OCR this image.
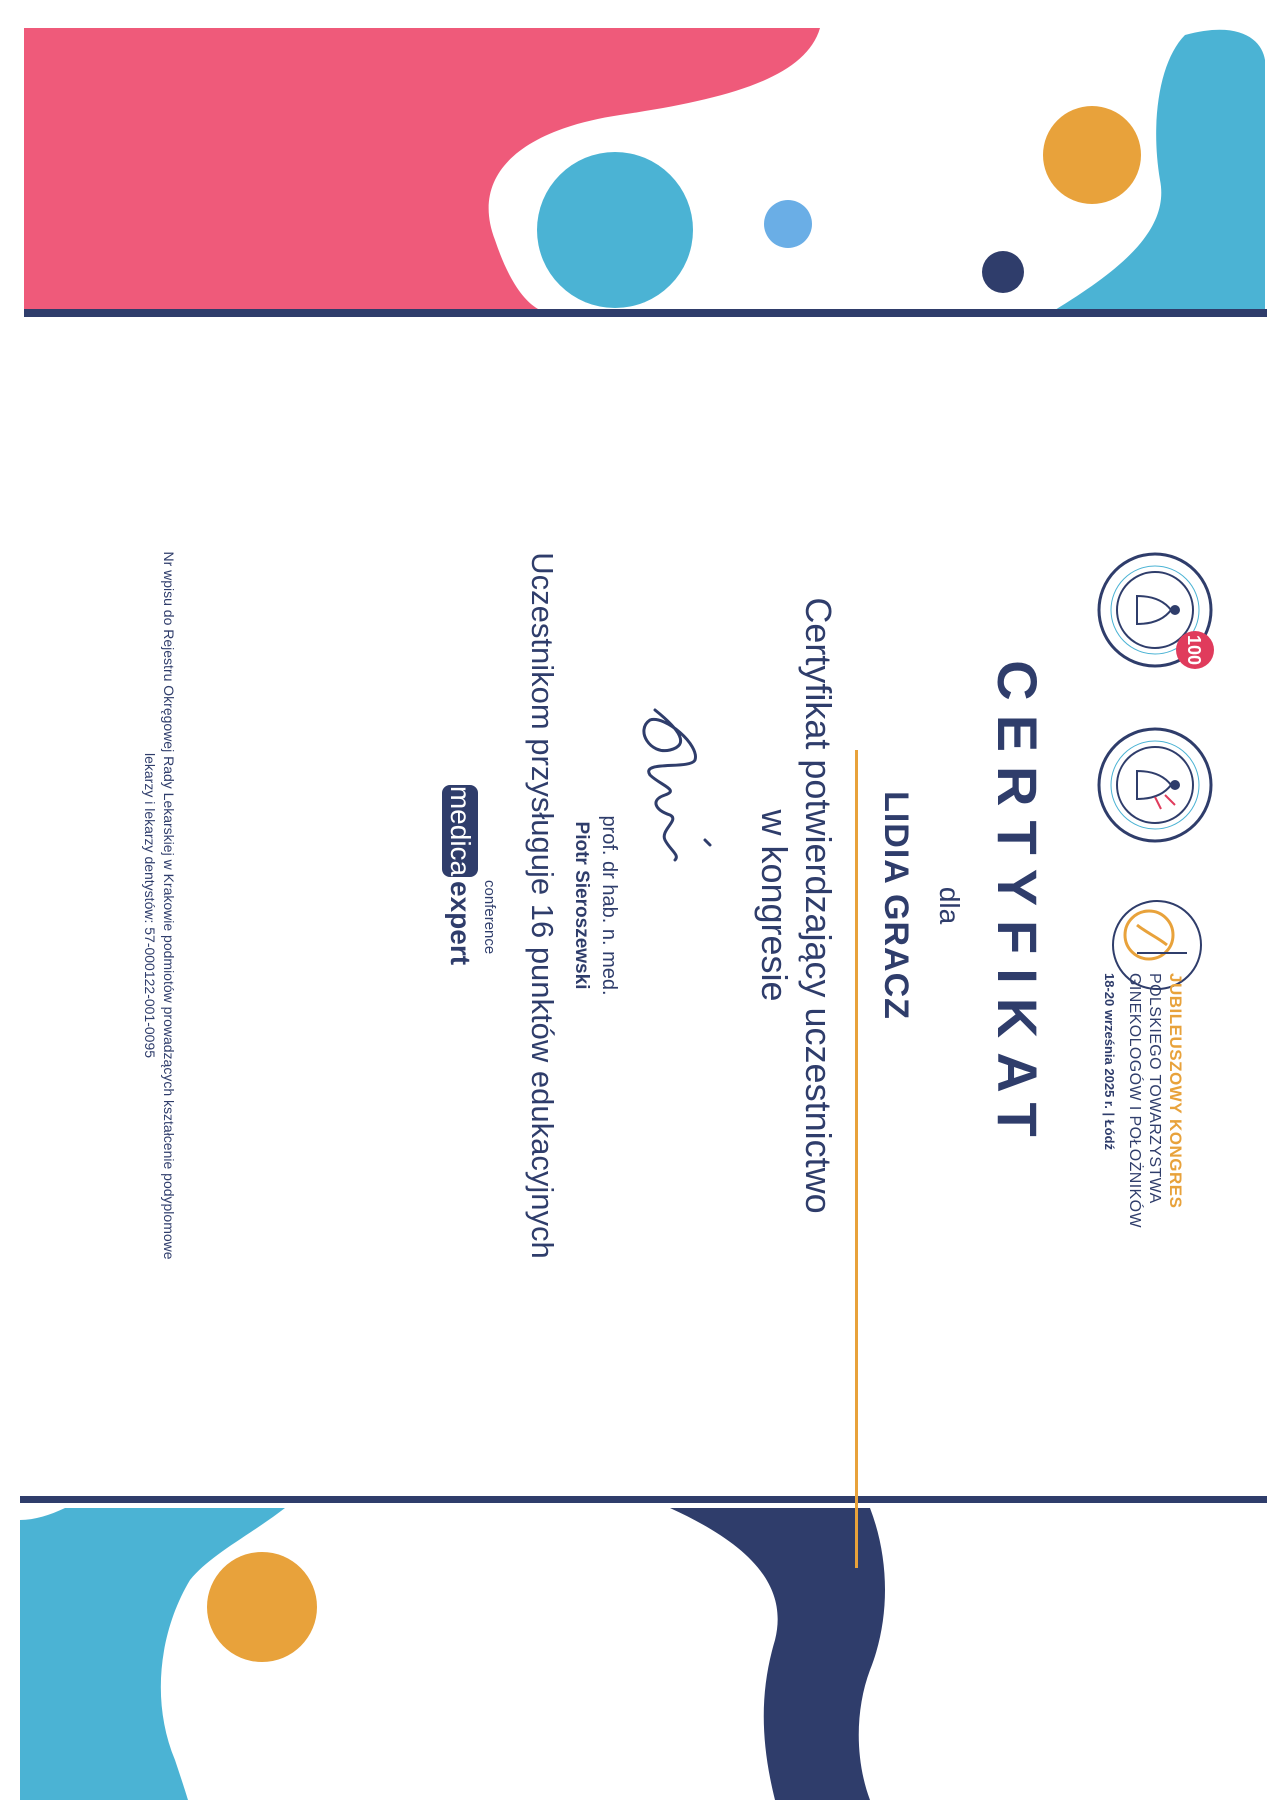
100
JUBILEUSZOWY KONGRES
POLSKIEGO TOWARZYSTWA
GINEKOLOGÓW I POŁOŻNIKÓW
18-20 września 2025 r. | Łódź
CERTYFIKAT
dla
LIDIA GRACZ
Certyfikat potwierdzający uczestnictwo
w kongresie
prof. dr hab. n. med.
Piotr Sieroszewski
Uczestnikom przysługuje 16 punktów edukacyjnych
conference
medica
expert
Nr wpisu do Rejestru Okręgowej Rady Lekarskiej w Krakowie podmiotów prowadzących kształcenie podyplomowe
lekarzy i lekarzy dentystów: 57-000122-001-0095
